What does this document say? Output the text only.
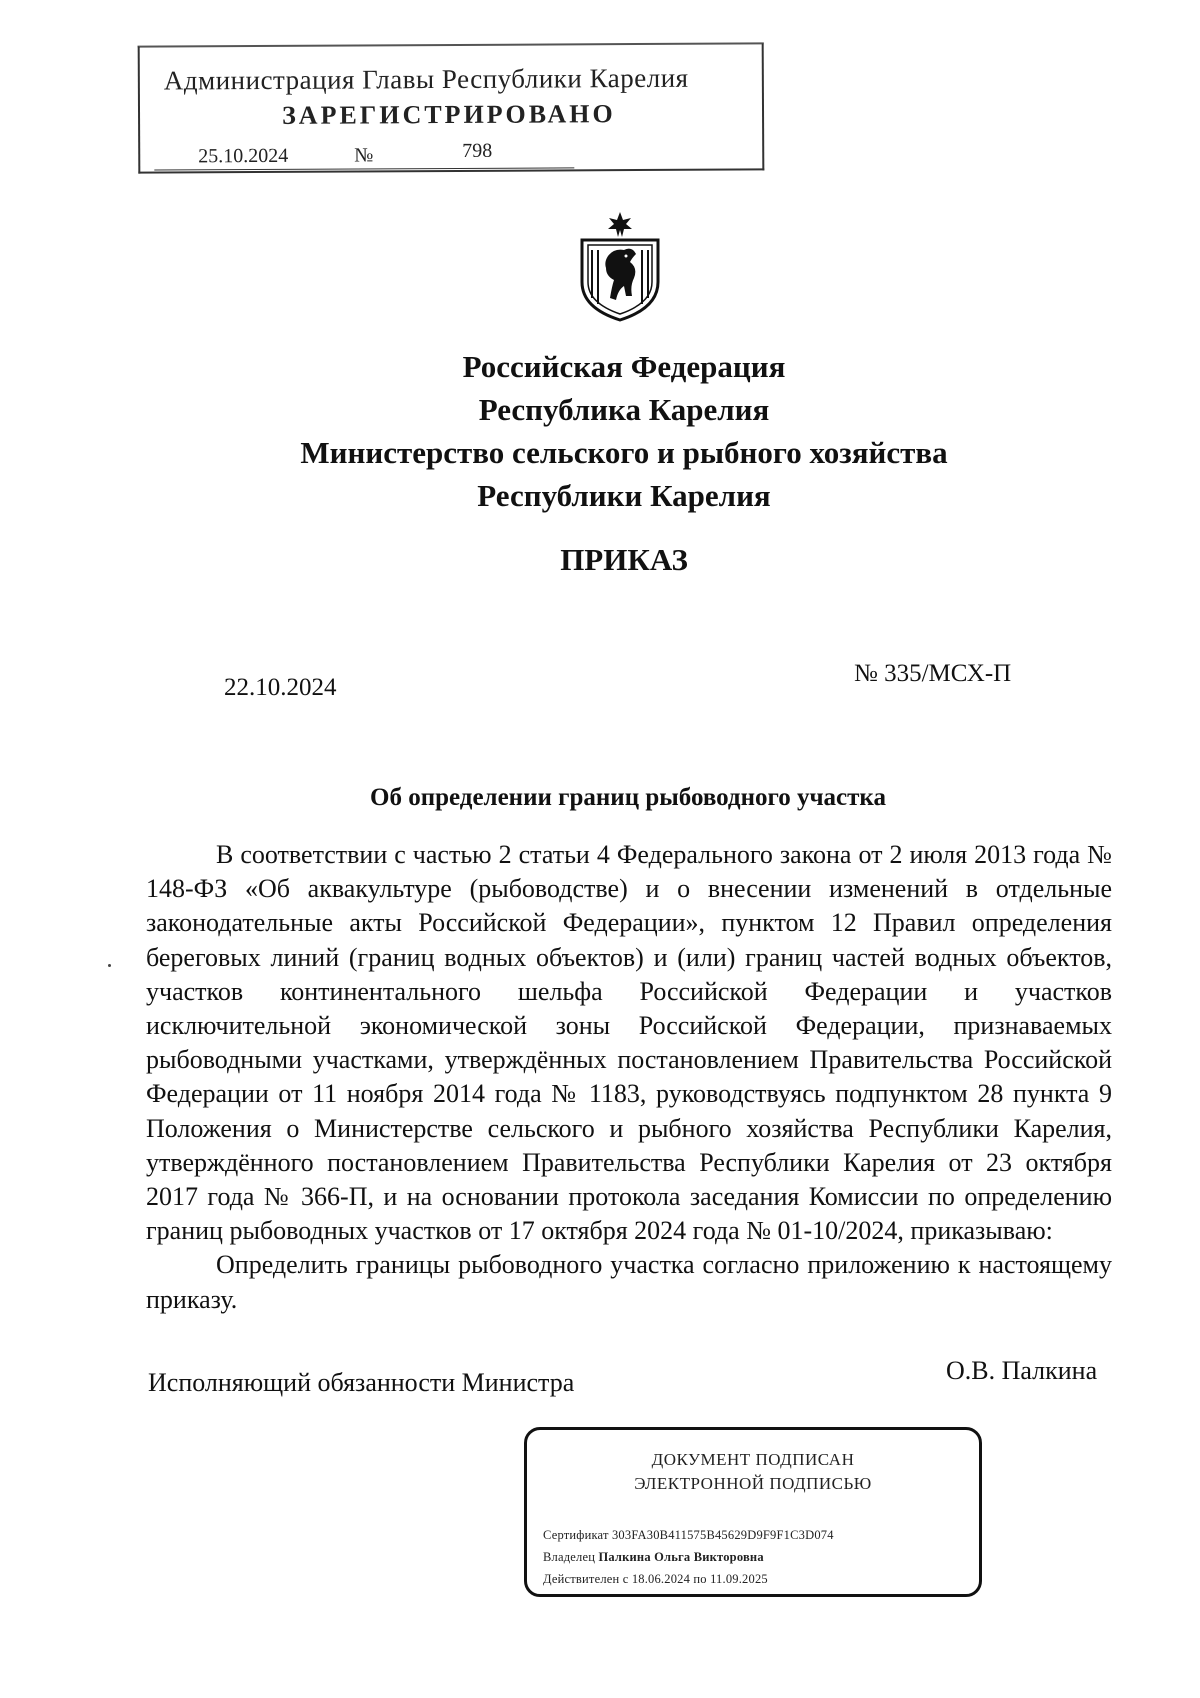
Администрация Главы Республики Карелия
ЗАРЕГИСТРИРОВАНО
25.10.2024	№	798
Российская Федерация
Республика Карелия
Министерство сельского и рыбного хозяйства
Республики Карелия
ПРИКАЗ
22.10.2024
№ 335/МСХ-П
Об определении границ рыбоводного участка

В соответствии с частью 2 статьи 4 Федерального закона от 2 июля 2013 года № 148-ФЗ «Об аквакультуре (рыбоводстве) и о внесении изменений в отдельные законодательные акты Российской Федерации», пунктом 12 Правил определения береговых линий (границ водных объектов) и (или) границ частей водных объектов, участков континентального шельфа Российской Федерации и участков исключительной экономической зоны Российской Федерации, признаваемых рыбоводными участками, утверждённых постановлением Правительства Российской Федерации от 11 ноября 2014 года № 1183, руководствуясь подпунктом 28 пункта 9 Положения о Министерстве сельского и рыбного хозяйства Республики Карелия, утверждённого постановлением Правительства Республики Карелия от 23 октября 2017 года № 366-П, и на основании протокола заседания Комиссии по определению границ рыбоводных участков от 17 октября 2024 года № 01-10/2024, приказываю:

Определить границы рыбоводного участка согласно приложению к настоящему приказу.

Исполняющий обязанности Министра	О.В. Палкина
ДОКУМЕНТ ПОДПИСАН
ЭЛЕКТРОННОЙ ПОДПИСЬЮ
Сертификат 303FA30B411575B45629D9F9F1C3D074
Владелец Палкина Ольга Викторовна
Действителен с 18.06.2024 по 11.09.2025
